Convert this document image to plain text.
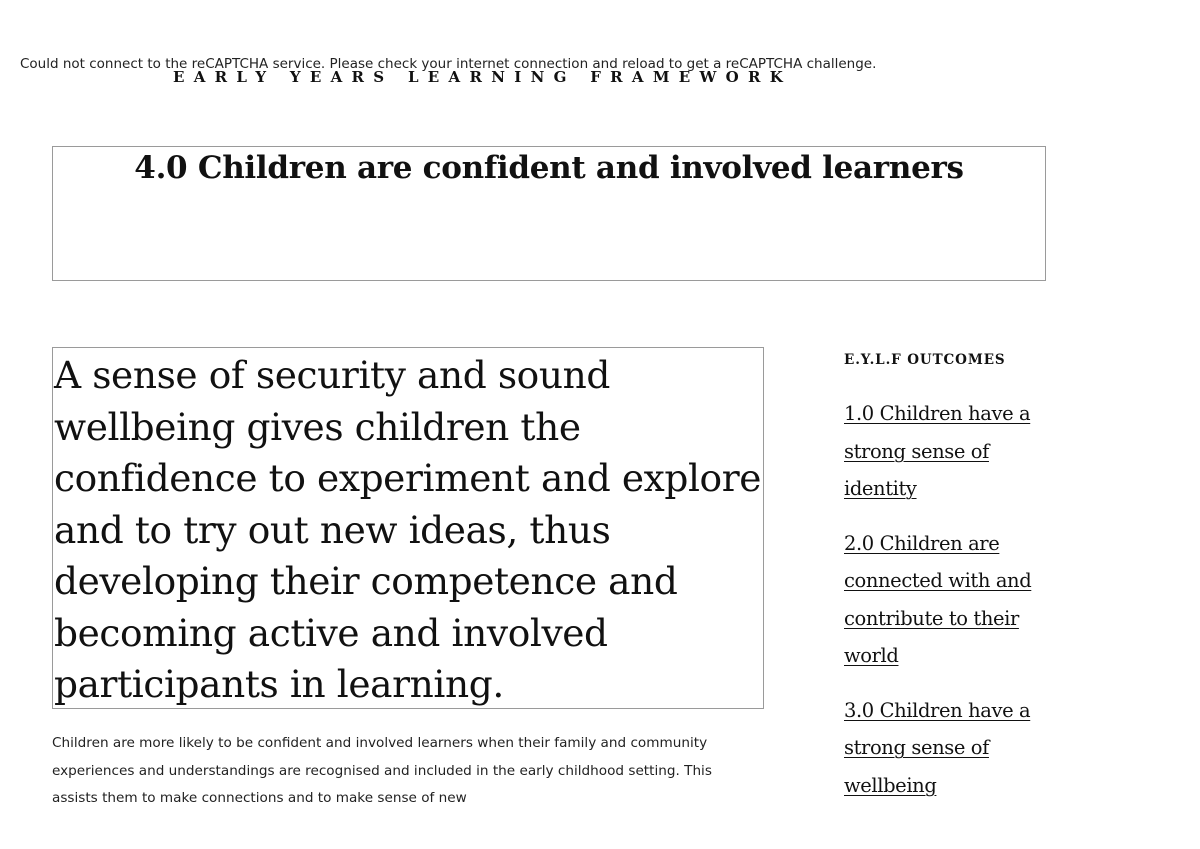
Could not connect to the reCAPTCHA service. Please check your internet connection and reload to get a reCAPTCHA challenge.
EARLY YEARS LEARNING FRAMEWORK
4.0 Children are confident and involved learners

A sense of security and sound wellbeing gives children the confidence to experiment and explore and to try out new ideas, thus developing their competence and becoming active and involved participants in learning.

Children are more likely to be confident and involved learners when their family and community experiences and understandings are recognised and included in the early childhood setting. This assists them to make connections and to make sense of new

E.Y.L.F OUTCOMES
1.0 Children have a strong sense of identity
2.0 Children are connected with and contribute to their world
3.0 Children have a strong sense of wellbeing
